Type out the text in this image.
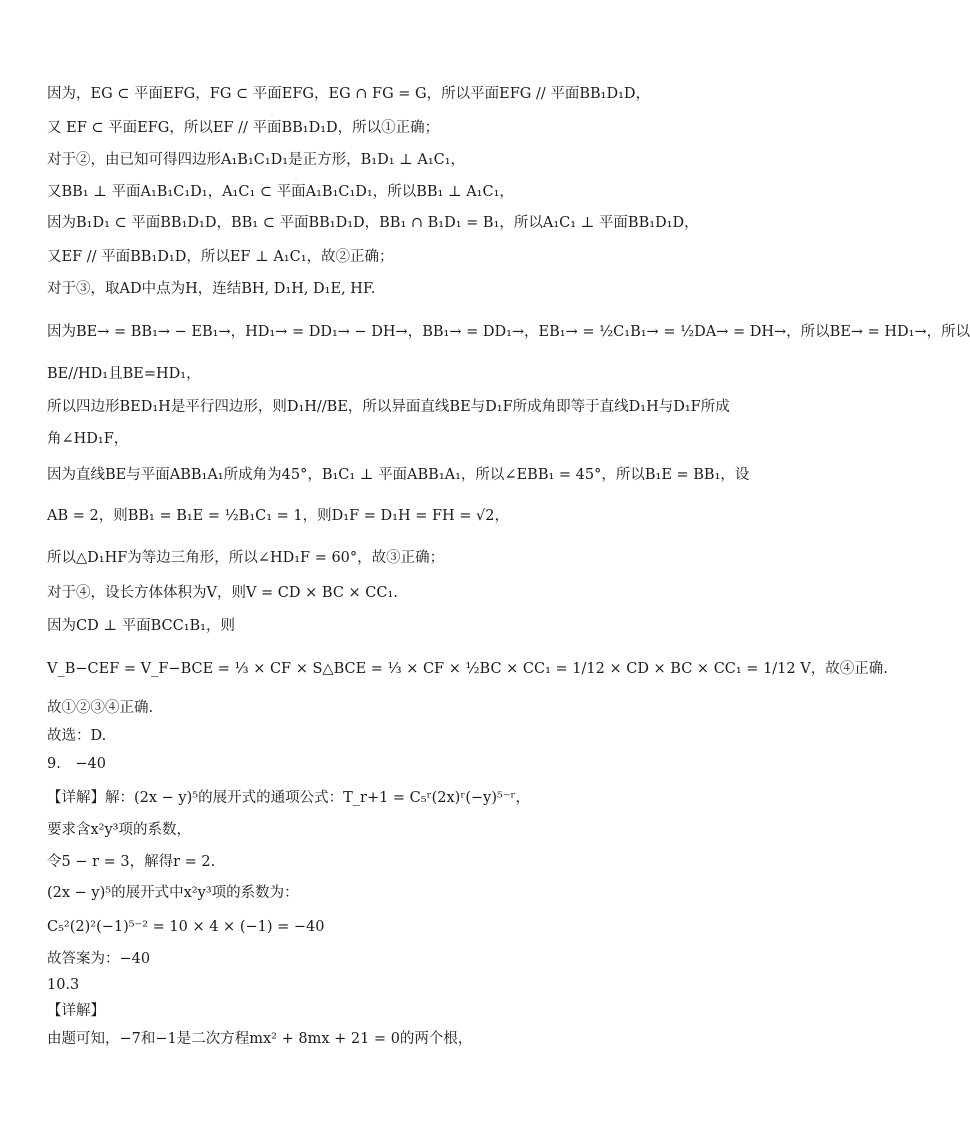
因为，EG ⊂ 平面EFG，FG ⊂ 平面EFG，EG ∩ FG = G，所以平面EFG // 平面BB₁D₁D，
又 EF ⊂ 平面EFG，所以EF // 平面BB₁D₁D，所以①正确；
对于②，由已知可得四边形A₁B₁C₁D₁是正方形，B₁D₁ ⊥ A₁C₁，
又BB₁ ⊥ 平面A₁B₁C₁D₁，A₁C₁ ⊂ 平面A₁B₁C₁D₁，所以BB₁ ⊥ A₁C₁，
因为B₁D₁ ⊂ 平面BB₁D₁D，BB₁ ⊂ 平面BB₁D₁D，BB₁ ∩ B₁D₁ = B₁，所以A₁C₁ ⊥ 平面BB₁D₁D，
又EF // 平面BB₁D₁D，所以EF ⊥ A₁C₁，故②正确；
对于③，取AD中点为H，连结BH, D₁H, D₁E, HF.
因为BE→ = BB₁→ − EB₁→，HD₁→ = DD₁→ − DH→，BB₁→ = DD₁→，EB₁→ = ½C₁B₁→ = ½DA→ = DH→，所以BE→ = HD₁→，所以
BE//HD₁且BE=HD₁，
所以四边形BED₁H是平行四边形，则D₁H//BE，所以异面直线BE与D₁F所成角即等于直线D₁H与D₁F所成
角∠HD₁F，
因为直线BE与平面ABB₁A₁所成角为45°，B₁C₁ ⊥ 平面ABB₁A₁，所以∠EBB₁ = 45°，所以B₁E = BB₁，设
AB = 2，则BB₁ = B₁E = ½B₁C₁ = 1，则D₁F = D₁H = FH = √2，
所以△D₁HF为等边三角形，所以∠HD₁F = 60°，故③正确；
对于④，设长方体体积为V，则V = CD × BC × CC₁.
因为CD ⊥ 平面BCC₁B₁，则
V_B−CEF = V_F−BCE = ⅓ × CF × S△BCE = ⅓ × CF × ½BC × CC₁ = 1/12 × CD × BC × CC₁ = 1/12 V，故④正确.
故①②③④正确.
故选：D.
9.　−40
【详解】解：(2x − y)⁵的展开式的通项公式：T_r+1 = C₅ʳ(2x)ʳ(−y)⁵⁻ʳ，
要求含x²y³项的系数，
令5 − r = 3，解得r = 2.
(2x − y)⁵的展开式中x²y³项的系数为：
C₅²(2)²(−1)⁵⁻² = 10 × 4 × (−1) = −40
故答案为：−40
10.3
【详解】
由题可知，−7和−1是二次方程mx² + 8mx + 21 = 0的两个根，
